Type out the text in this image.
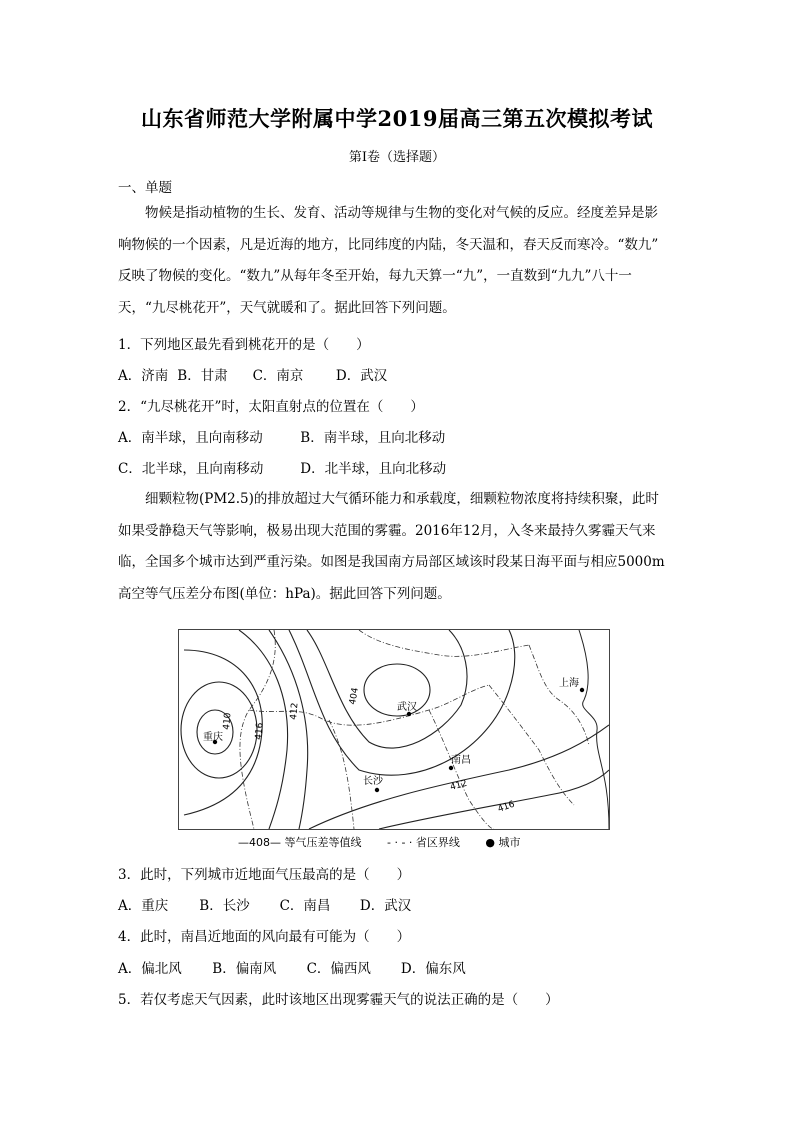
山东省师范大学附属中学2019届高三第五次模拟考试
第I卷（选择题）
一、单题
物候是指动植物的生长、发育、活动等规律与生物的变化对气候的反应。经度差异是影
响物候的一个因素，凡是近海的地方，比同纬度的内陆，冬天温和，春天反而寒冷。“数九”
反映了物候的变化。“数九”从每年冬至开始，每九天算一“九”，一直数到“九九”八十一
天，“九尽桃花开”，天气就暖和了。据此回答下列问题。
1．下列地区最先看到桃花开的是（　　）
A．济南 B．甘肃 C．南京 D．武汉
2．“九尽桃花开”时，太阳直射点的位置在（　　）
A．南半球，且向南移动	B．南半球，且向北移动
C．北半球，且向南移动	D．北半球，且向北移动
细颗粒物(PM2.5)的排放超过大气循环能力和承载度，细颗粒物浓度将持续积聚，此时
如果受静稳天气等影响，极易出现大范围的雾霾。2016年12月，入冬来最持久雾霾天气来
临，全国多个城市达到严重污染。如图是我国南方局部区域该时段某日海平面与相应5000m
高空等气压差分布图(单位：hPa)。据此回答下列问题。
重庆
武汉
长沙
南昌
上海
410
416
412
404
412
416
—408— 等气压差等值线 - · - · 省区界线 ● 城市
3．此时，下列城市近地面气压最高的是（　　）
A．重庆 B．长沙 C．南昌 D．武汉
4．此时，南昌近地面的风向最有可能为（　　）
A．偏北风 B．偏南风 C．偏西风 D．偏东风
5．若仅考虑天气因素，此时该地区出现雾霾天气的说法正确的是（　　）
